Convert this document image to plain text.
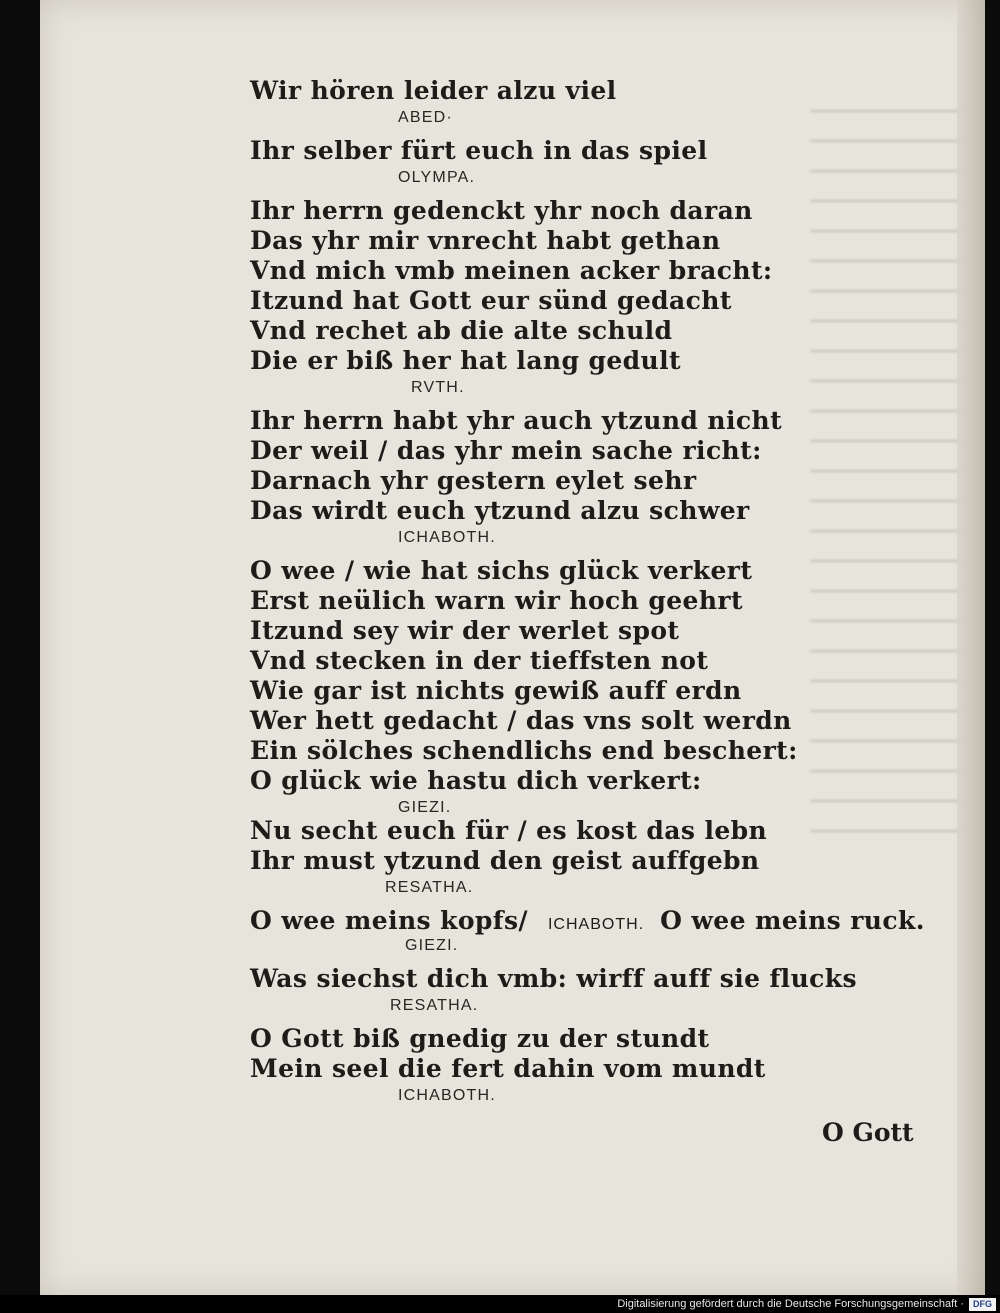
Wir hören leider alzu viel
ABED·
Ihr selber fürt euch in das spiel
OLYMPA.
Ihr herrn gedenckt yhr noch daran
Das yhr mir vnrecht habt gethan
Vnd mich vmb meinen acker bracht:
Itzund hat Gott eur sünd gedacht
Vnd rechet ab die alte schuld
Die er biß her hat lang gedult
RVTH.
Ihr herrn habt yhr auch ytzund nicht
Der weil / das yhr mein sache richt:
Darnach yhr gestern eylet sehr
Das wirdt euch ytzund alzu schwer
ICHABOTH.
O wee / wie hat sichs glück verkert
Erst neülich warn wir hoch geehrt
Itzund sey wir der werlet spot
Vnd stecken in der tieffsten not
Wie gar ist nichts gewiß auff erdn
Wer hett gedacht / das vns solt werdn
Ein sölches schendlichs end beschert:
O glück wie hastu dich verkert:
GIEZI.
Nu secht euch für / es kost das lebn
Ihr must ytzund den geist auffgebn
RESATHA.
O wee meins kopfs/ ICHABOTH. O wee meins ruck.
GIEZI.
Was siechst dich vmb: wirff auff sie flucks
RESATHA.
O Gott biß gnedig zu der stundt
Mein seel die fert dahin vom mundt
ICHABOTH.
O Gott
Digitalisierung gefördert durch die Deutsche Forschungsgemeinschaft ·	DFG
